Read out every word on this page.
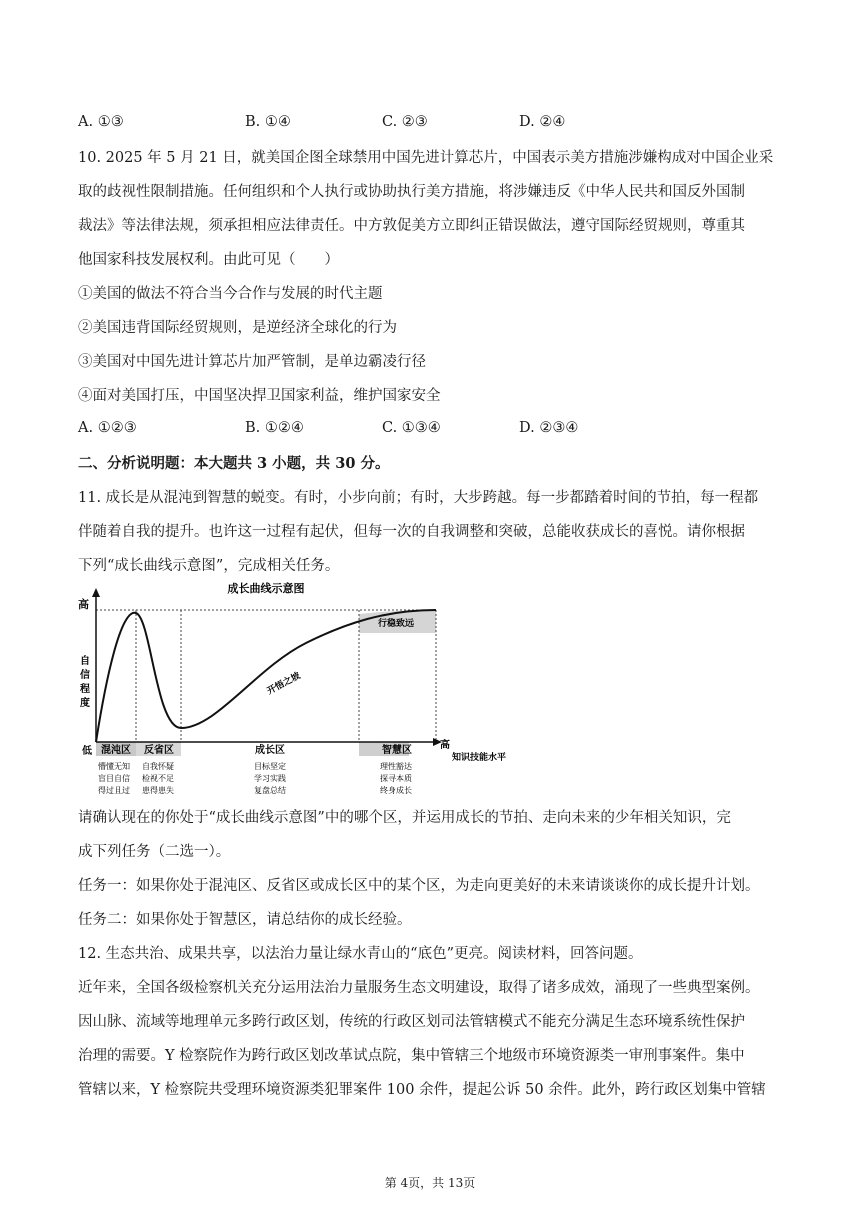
A. ①③	B. ①④	C. ②③	D. ②④
10. 2025 年 5 月 21 日，就美国企图全球禁用中国先进计算芯片，中国表示美方措施涉嫌构成对中国企业采
取的歧视性限制措施。任何组织和个人执行或协助执行美方措施，将涉嫌违反《中华人民共和国反外国制
裁法》等法律法规，须承担相应法律责任。中方敦促美方立即纠正错误做法，遵守国际经贸规则，尊重其
他国家科技发展权利。由此可见（　　）
①美国的做法不符合当今合作与发展的时代主题
②美国违背国际经贸规则，是逆经济全球化的行为
③美国对中国先进计算芯片加严管制，是单边霸凌行径
④面对美国打压，中国坚决捍卫国家利益，维护国家安全
A. ①②③	B. ①②④	C. ①③④	D. ②③④
二、分析说明题：本大题共 3 小题，共 30 分。
11. 成长是从混沌到智慧的蜕变。有时，小步向前；有时，大步跨越。每一步都踏着时间的节拍，每一程都
伴随着自我的提升。也许这一过程有起伏，但每一次的自我调整和突破，总能收获成长的喜悦。请你根据
下列“成长曲线示意图”，完成相关任务。
成长曲线示意图
高
自
信
程
度
低
高
知识技能水平
混沌区 反省区	成长区	智慧区
懵懂无知
盲目自信
得过且过
自我怀疑
检视不足
患得患失
目标坚定
学习实践
复盘总结
理性豁达
探寻本质
终身成长
开悟之坡
行稳致远
请确认现在的你处于“成长曲线示意图”中的哪个区，并运用成长的节拍、走向未来的少年相关知识，完
成下列任务（二选一）。
任务一：如果你处于混沌区、反省区或成长区中的某个区，为走向更美好的未来请谈谈你的成长提升计划。
任务二：如果你处于智慧区，请总结你的成长经验。
12. 生态共治、成果共享，以法治力量让绿水青山的“底色”更亮。阅读材料，回答问题。
近年来，全国各级检察机关充分运用法治力量服务生态文明建设，取得了诸多成效，涌现了一些典型案例。
因山脉、流域等地理单元多跨行政区划，传统的行政区划司法管辖模式不能充分满足生态环境系统性保护
治理的需要。Y 检察院作为跨行政区划改革试点院，集中管辖三个地级市环境资源类一审刑事案件。集中
管辖以来，Y 检察院共受理环境资源类犯罪案件 100 余件，提起公诉 50 余件。此外，跨行政区划集中管辖
第 4页，共 13页
